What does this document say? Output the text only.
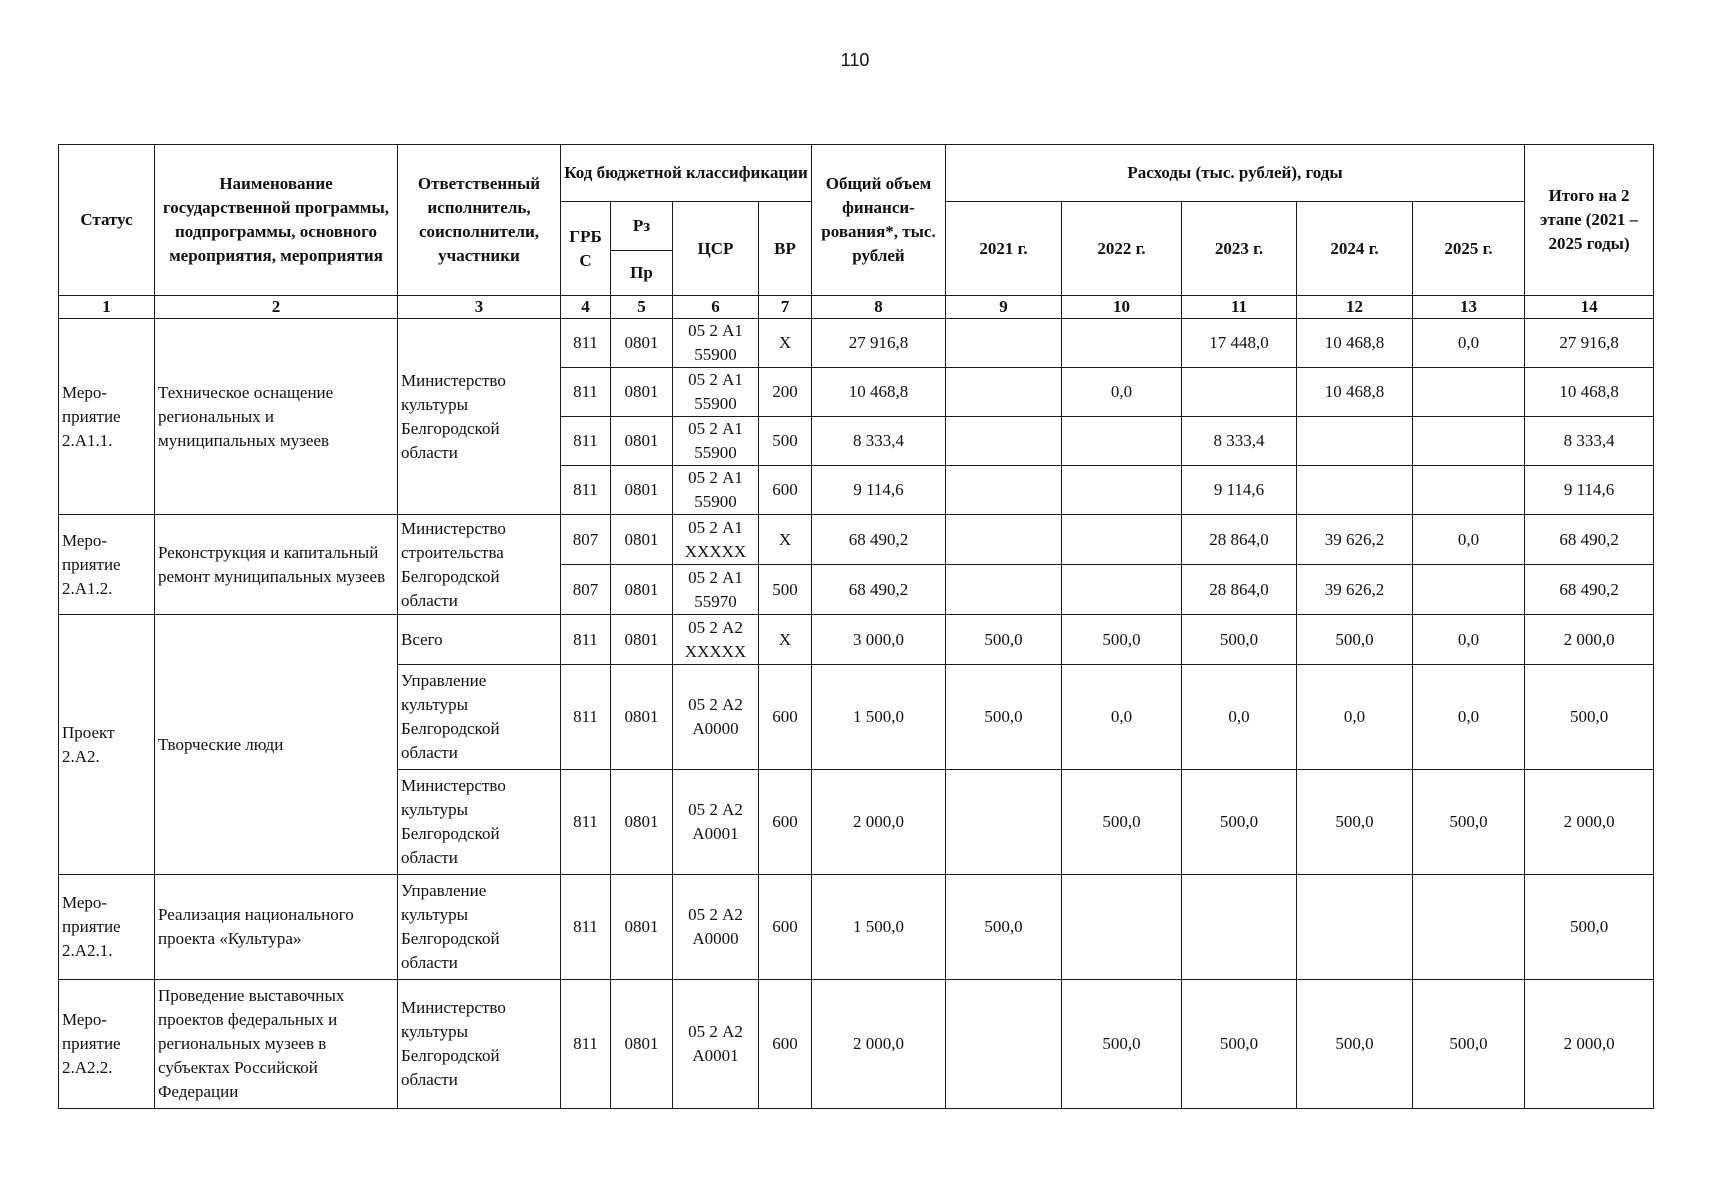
110
Статус	Наименование государственной программы, подпрограммы, основного мероприятия, мероприятия	Ответственный исполнитель, соисполнители, участники	Код бюджетной классификации				Общий объем финанси-рования*, тыс. рублей	Расходы (тыс. рублей), годы					Итого на 2 этапе (2021 – 2025 годы)
			ГРБ С	Рз	ЦСР	ВР		2021 г.	2022 г.	2023 г.	2024 г.	2025 г.	
				Пр									
1	2	3	4	5	6	7	8	9	10	11	12	13	14
Меро-приятие 2.А1.1.	Техническое оснащение региональных и муниципальных музеев	Министерство культуры Белгородской области	811	0801	05 2 А1 55900	X	27 916,8			17 448,0	10 468,8	0,0	27 916,8
			811	0801	05 2 А1 55900	200	10 468,8		0,0		10 468,8		10 468,8
			811	0801	05 2 А1 55900	500	8 333,4			8 333,4			8 333,4
			811	0801	05 2 А1 55900	600	9 114,6			9 114,6			9 114,6
Меро-приятие 2.А1.2.	Реконструкция и капитальный ремонт муниципальных музеев	Министерство строительства Белгородской области	807	0801	05 2 А1 XXXXX	X	68 490,2			28 864,0	39 626,2	0,0	68 490,2
			807	0801	05 2 А1 55970	500	68 490,2			28 864,0	39 626,2		68 490,2
Проект 2.А2.	Творческие люди	Всего	811	0801	05 2 А2 XXXXX	X	3 000,0	500,0	500,0	500,0	500,0	0,0	2 000,0
		Управление культуры Белгородской области	811	0801	05 2 А2 А0000	600	1 500,0	500,0	0,0	0,0	0,0	0,0	500,0
		Министерство культуры Белгородской области	811	0801	05 2 А2 А0001	600	2 000,0		500,0	500,0	500,0	500,0	2 000,0
Меро-приятие 2.А2.1.	Реализация национального проекта «Культура»	Управление культуры Белгородской области	811	0801	05 2 А2 А0000	600	1 500,0	500,0					500,0
Меро-приятие 2.А2.2.	Проведение выставочных проектов федеральных и региональных музеев в субъектах Российской Федерации	Министерство культуры Белгородской области	811	0801	05 2 А2 А0001	600	2 000,0		500,0	500,0	500,0	500,0	2 000,0
